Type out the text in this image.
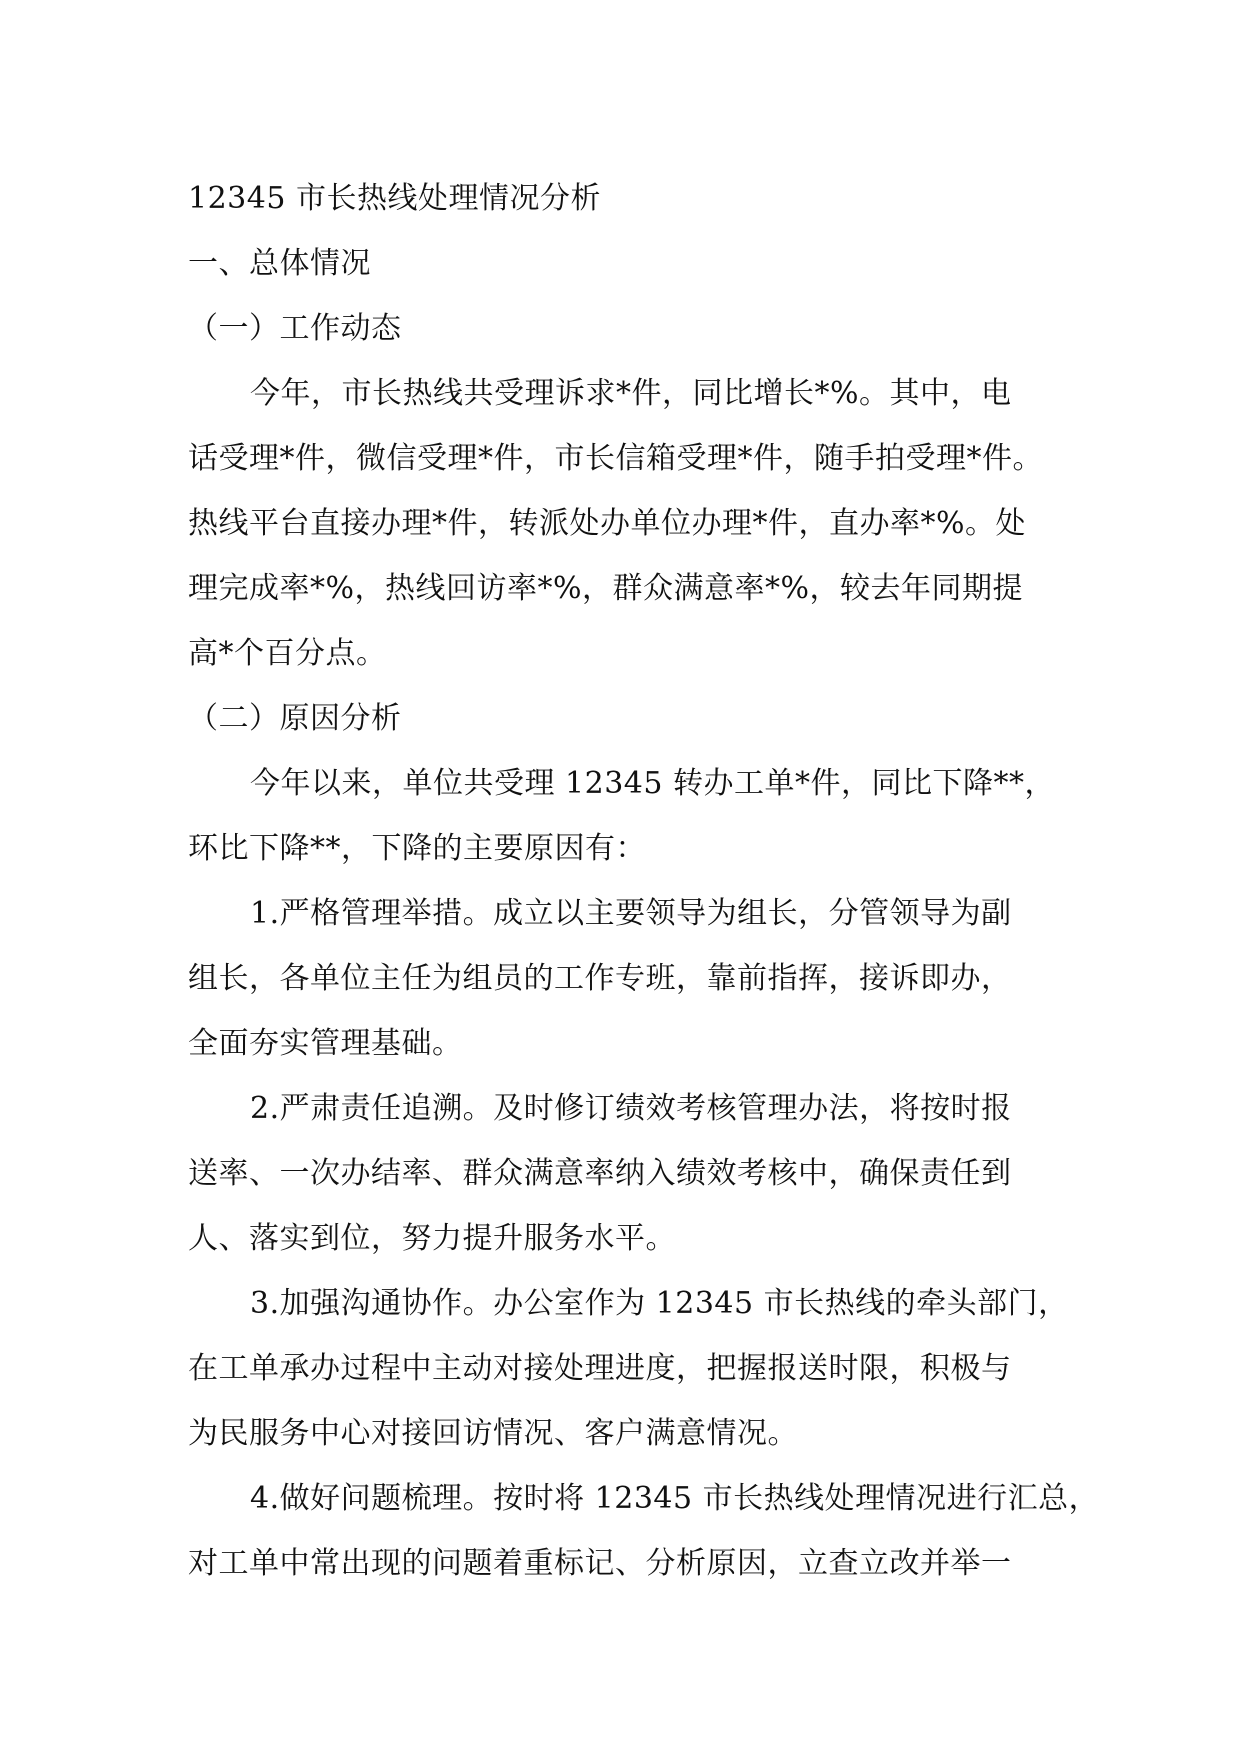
12345 市长热线处理情况分析

一、总体情况

（一）工作动态

今年，市长热线共受理诉求*件，同比增长*%。其中，电

话受理*件，微信受理*件，市长信箱受理*件，随手拍受理*件。

热线平台直接办理*件，转派处办单位办理*件，直办率*%。处

理完成率*%，热线回访率*%，群众满意率*%，较去年同期提

高*个百分点。

（二）原因分析

今年以来，单位共受理 12345 转办工单*件，同比下降**，

环比下降**，下降的主要原因有：

1.严格管理举措。成立以主要领导为组长，分管领导为副

组长，各单位主任为组员的工作专班，靠前指挥，接诉即办，

全面夯实管理基础。

2.严肃责任追溯。及时修订绩效考核管理办法，将按时报

送率、一次办结率、群众满意率纳入绩效考核中，确保责任到

人、落实到位，努力提升服务水平。

3.加强沟通协作。办公室作为 12345 市长热线的牵头部门，

在工单承办过程中主动对接处理进度，把握报送时限，积极与

为民服务中心对接回访情况、客户满意情况。

4.做好问题梳理。按时将 12345 市长热线处理情况进行汇总，

对工单中常出现的问题着重标记、分析原因，立查立改并举一
